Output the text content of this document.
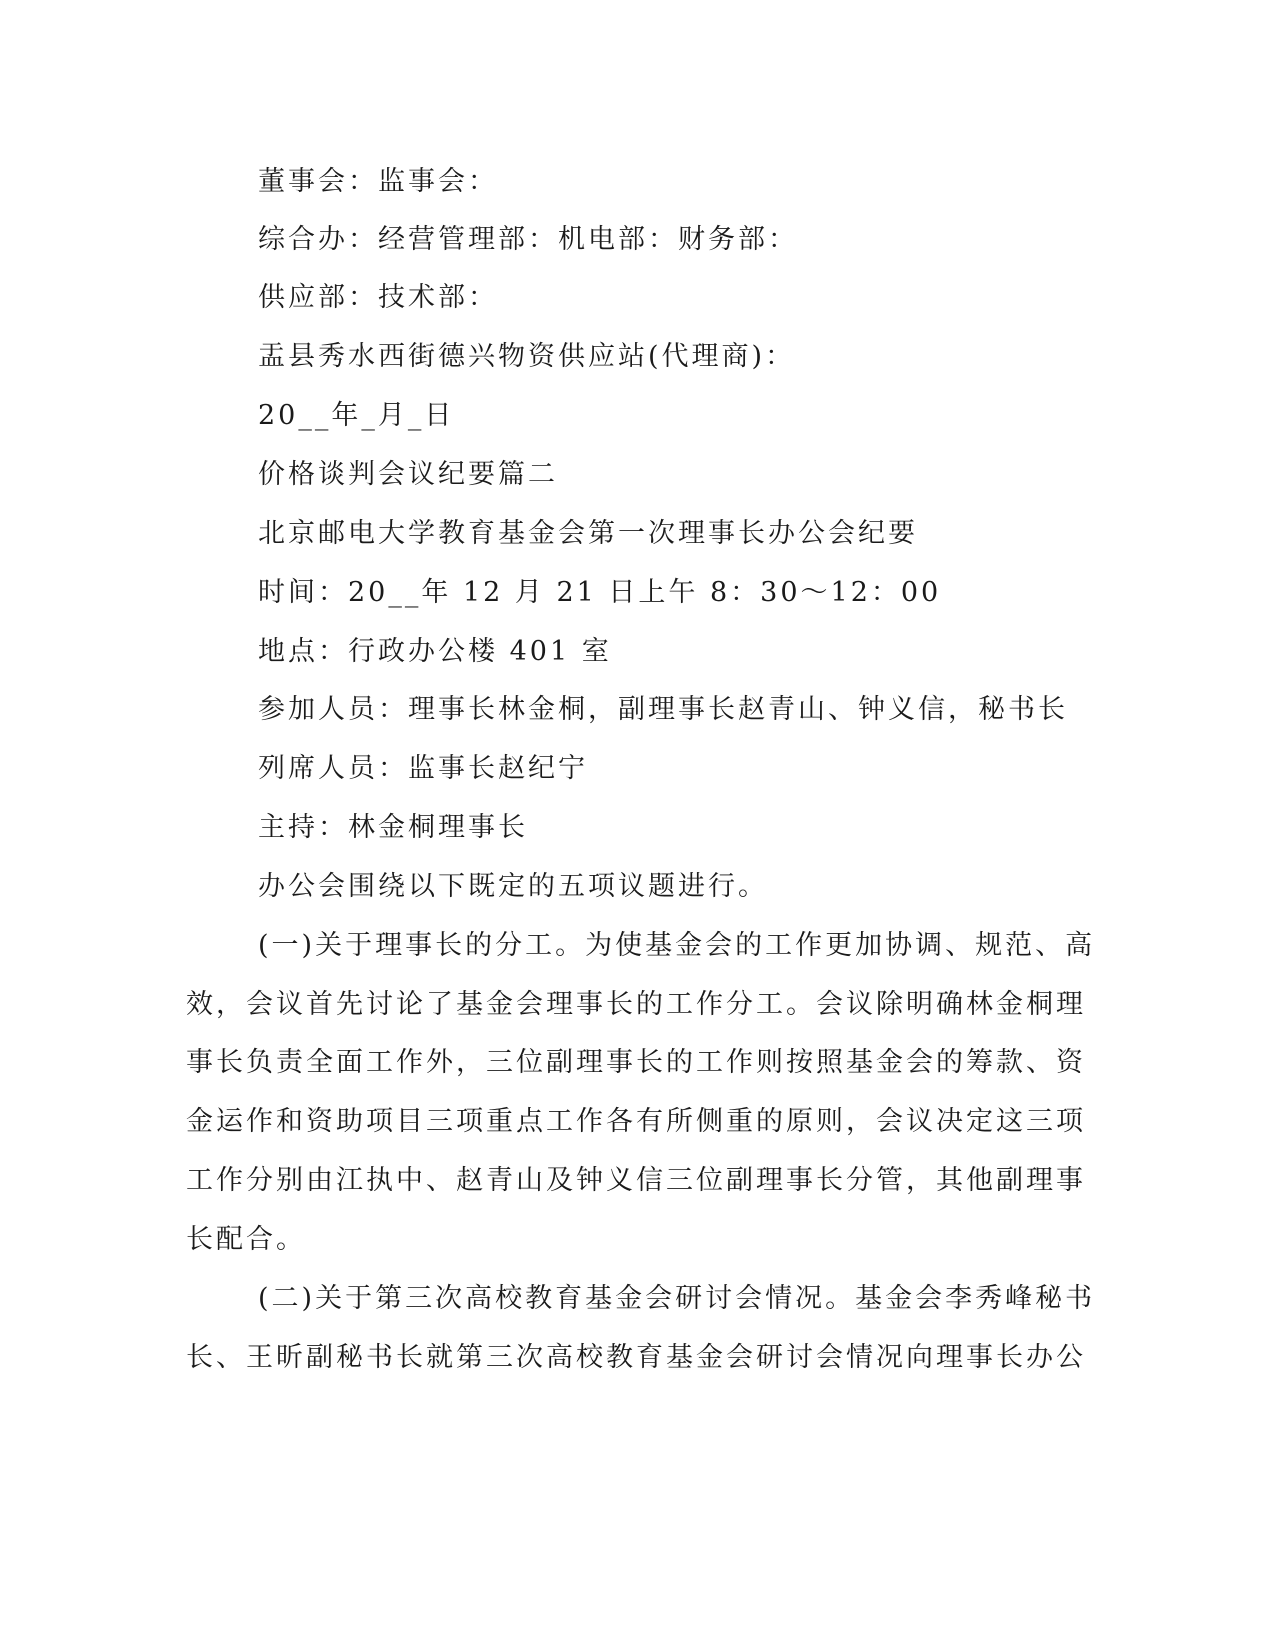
董事会：监事会：
综合办：经营管理部：机电部：财务部：
供应部：技术部：
盂县秀水西街德兴物资供应站(代理商)：
20__年_月_日
价格谈判会议纪要篇二
北京邮电大学教育基金会第一次理事长办公会纪要
时间：20__年 12 月 21 日上午 8：30～12：00
地点：行政办公楼 401 室
参加人员：理事长林金桐，副理事长赵青山、钟义信，秘书长
列席人员：监事长赵纪宁
主持：林金桐理事长
办公会围绕以下既定的五项议题进行。
(一)关于理事长的分工。为使基金会的工作更加协调、规范、高
效，会议首先讨论了基金会理事长的工作分工。会议除明确林金桐理
事长负责全面工作外，三位副理事长的工作则按照基金会的筹款、资
金运作和资助项目三项重点工作各有所侧重的原则，会议决定这三项
工作分别由江执中、赵青山及钟义信三位副理事长分管，其他副理事
长配合。
(二)关于第三次高校教育基金会研讨会情况。基金会李秀峰秘书
长、王昕副秘书长就第三次高校教育基金会研讨会情况向理事长办公
